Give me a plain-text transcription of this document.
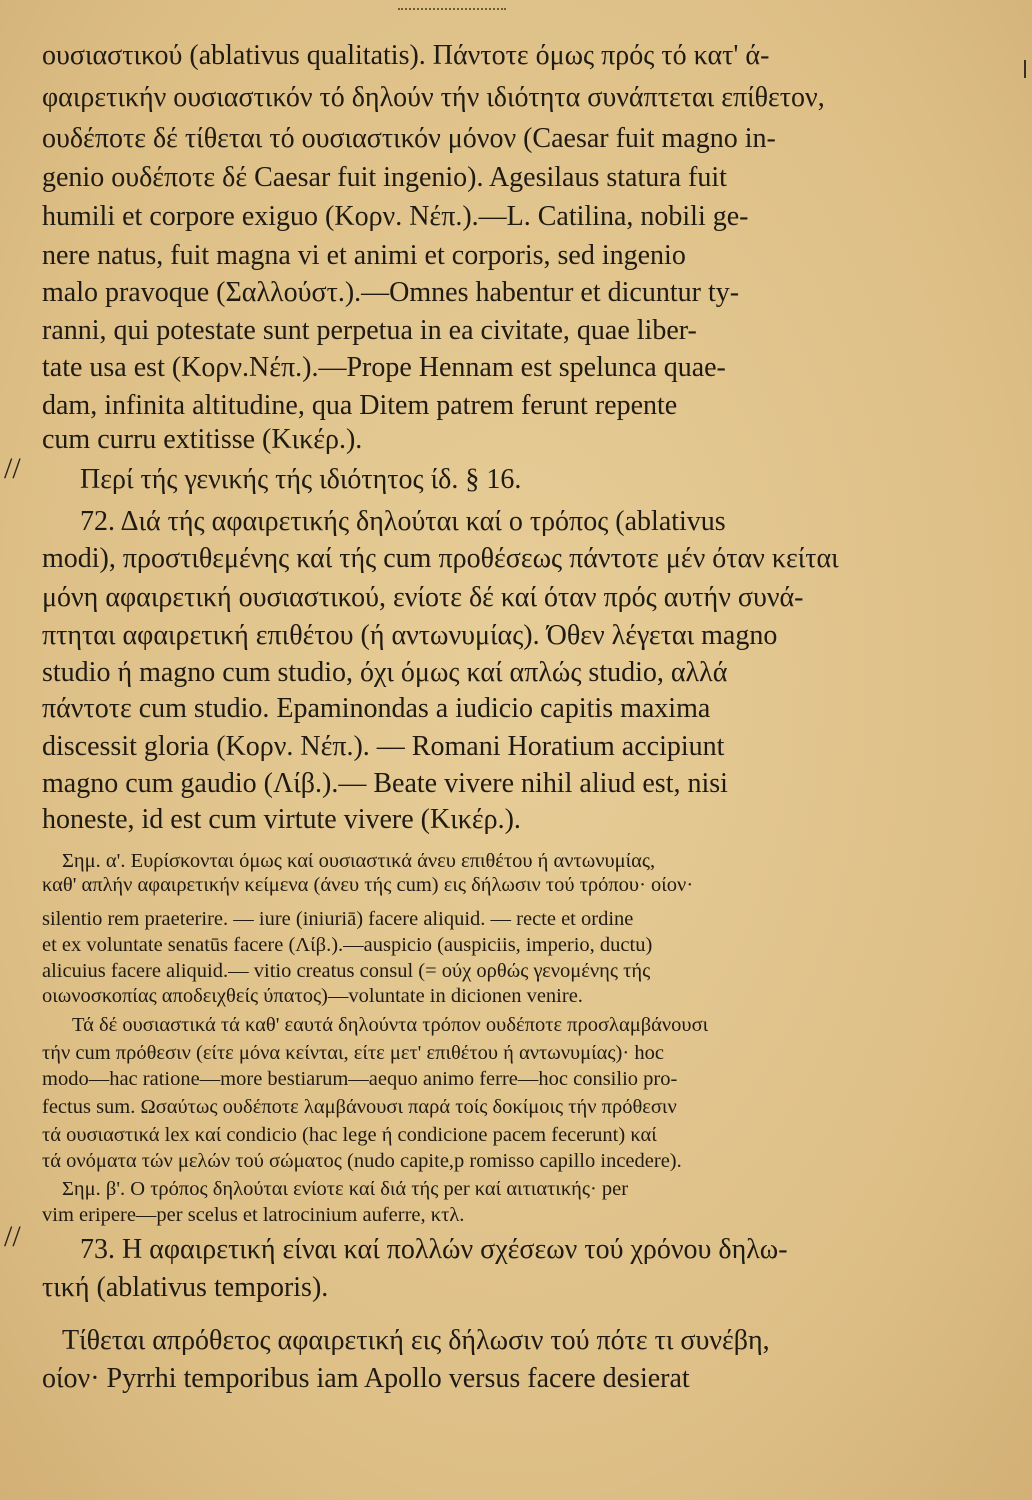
//
//
ουσιαστικού (ablativus qualitatis). Πάντοτε όμως πρός τό κατ' ά-
φαιρετικήν ουσιαστικόν τό δηλούν τήν ιδιότητα συνάπτεται επίθετον,
ουδέποτε δέ τίθεται τό ουσιαστικόν μόνον (Caesar fuit magno in-
genio ουδέποτε δέ Caesar fuit ingenio). Agesilaus statura fuit
humili et corpore exiguo (Κορν. Νέπ.).—L. Catilina, nobili ge-
nere natus, fuit magna vi et animi et corporis, sed ingenio
malo pravoque (Σαλλούστ.).—Omnes habentur et dicuntur ty-
ranni, qui potestate sunt perpetua in ea civitate, quae liber-
tate usa est (Κορν.Νέπ.).—Prope Hennam est spelunca quae-
dam, infinita altitudine, qua Ditem patrem ferunt repente
cum curru extitisse (Κικέρ.).
Περί τής γενικής τής ιδιότητος ίδ. § 16.
72. Διά τής αφαιρετικής δηλούται καί ο τρόπος (ablativus
modi), προστιθεμένης καί τής cum προθέσεως πάντοτε μέν όταν κείται
μόνη αφαιρετική ουσιαστικού, ενίοτε δέ καί όταν πρός αυτήν συνά-
πτηται αφαιρετική επιθέτου (ή αντωνυμίας). Όθεν λέγεται magno
studio ή magno cum studio, όχι όμως καί απλώς studio, αλλά
πάντοτε cum studio. Epaminondas a iudicio capitis maxima
discessit gloria (Κορν. Νέπ.). — Romani Horatium accipiunt
magno cum gaudio (Λίβ.).— Beate vivere nihil aliud est, nisi
honeste, id est cum virtute vivere (Κικέρ.).
Σημ. α'. Ευρίσκονται όμως καί ουσιαστικά άνευ επιθέτου ή αντωνυμίας,
καθ' απλήν αφαιρετικήν κείμενα (άνευ τής cum) εις δήλωσιν τού τρόπου· οίον·
silentio rem praeterire. — iure (iniuriā) facere aliquid. — recte et ordine
et ex voluntate senatūs facere (Λίβ.).—auspicio (auspiciis, imperio, ductu)
alicuius facere aliquid.— vitio creatus consul (= ούχ ορθώς γενομένης τής
οιωνοσκοπίας αποδειχθείς ύπατος)—voluntate in dicionen venire.
Τά δέ ουσιαστικά τά καθ' εαυτά δηλούντα τρόπον ουδέποτε προσλαμβάνουσι
τήν cum πρόθεσιν (είτε μόνα κείνται, είτε μετ' επιθέτου ή αντωνυμίας)· hoc
modo—hac ratione—more bestiarum—aequo animo ferre—hoc consilio pro-
fectus sum. Ωσαύτως ουδέποτε λαμβάνουσι παρά τοίς δοκίμοις τήν πρόθεσιν
τά ουσιαστικά lex καί condicio (hac lege ή condicione pacem fecerunt) καί
τά ονόματα τών μελών τού σώματος (nudo capite,p romisso capillo incedere).
Σημ. β'. Ο τρόπος δηλούται ενίοτε καί διά τής per καί αιτιατικής· per
vim eripere—per scelus et latrocinium auferre, κτλ.
73. Η αφαιρετική είναι καί πολλών σχέσεων τού χρόνου δηλω-
τική (ablativus temporis).
Τίθεται απρόθετος αφαιρετική εις δήλωσιν τού πότε τι συνέβη,
οίον· Pyrrhi temporibus iam Apollo versus facere desierat
